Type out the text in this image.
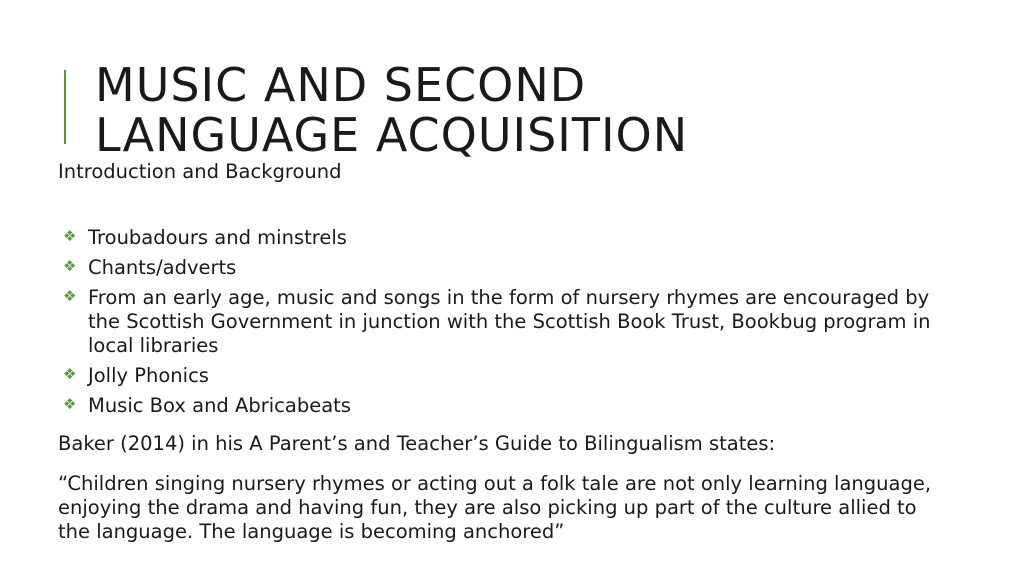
MUSIC AND SECOND
LANGUAGE ACQUISITION

Introduction and Background

❖ Troubadours and minstrels
❖ Chants/adverts
❖ From an early age, music and songs in the form of nursery rhymes are encouraged by the Scottish Government in junction with the Scottish Book Trust, Bookbug program in local libraries
❖ Jolly Phonics
❖ Music Box and Abricabeats

Baker (2014) in his A Parent’s and Teacher’s Guide to Bilingualism states:

“Children singing nursery rhymes or acting out a folk tale are not only learning language, enjoying the drama and having fun, they are also picking up part of the culture allied to the language. The language is becoming anchored”
